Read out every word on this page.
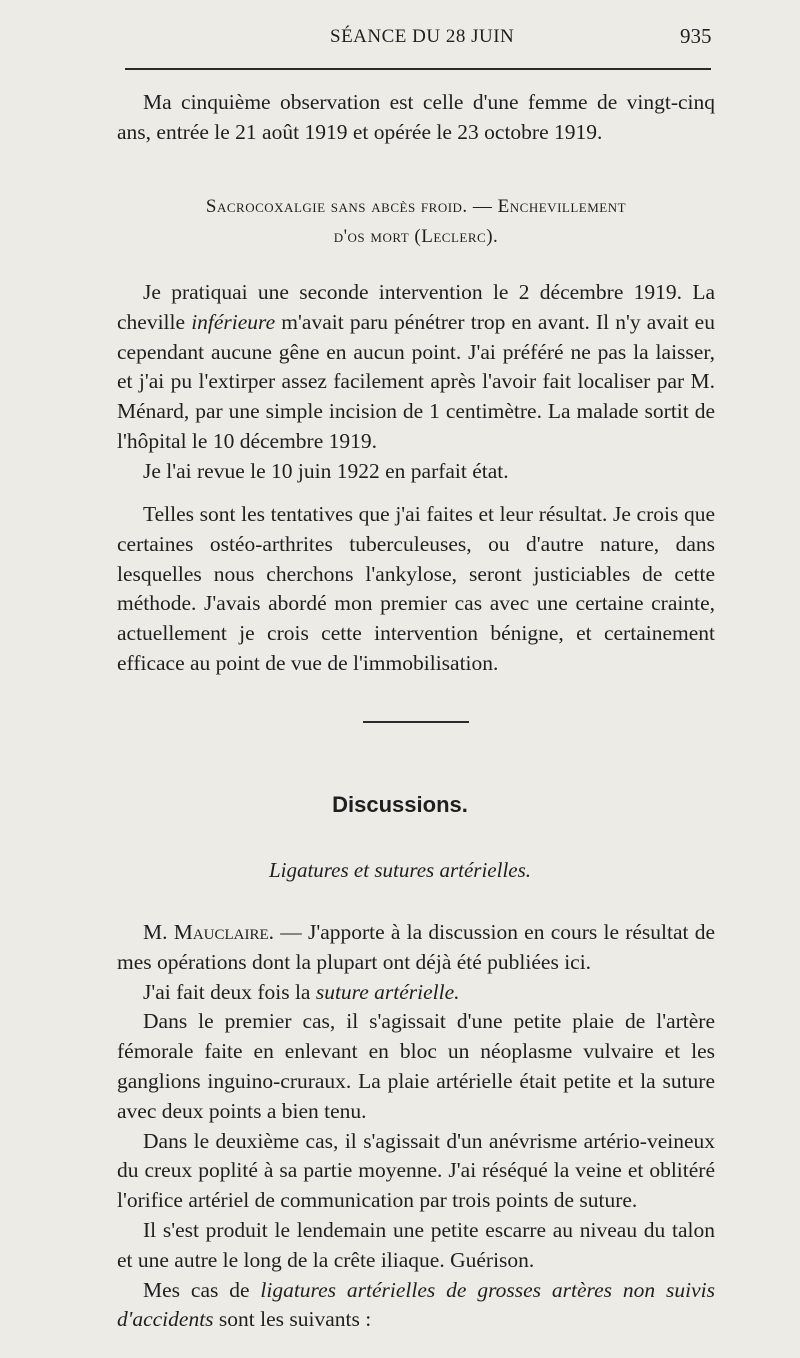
SÉANCE DU 28 JUIN	935

Ma cinquième observation est celle d'une femme de vingt-cinq ans, entrée le 21 août 1919 et opérée le 23 octobre 1919.

Sacrocoxalgie sans abcès froid. — Enchevillement
d'os mort (Leclerc).

Je pratiquai une seconde intervention le 2 décembre 1919. La cheville inférieure m'avait paru pénétrer trop en avant. Il n'y avait eu cependant aucune gêne en aucun point. J'ai préféré ne pas la laisser, et j'ai pu l'extirper assez facilement après l'avoir fait localiser par M. Ménard, par une simple incision de 1 centimètre. La malade sortit de l'hôpital le 10 décembre 1919.

Je l'ai revue le 10 juin 1922 en parfait état.

Telles sont les tentatives que j'ai faites et leur résultat. Je crois que certaines ostéo-arthrites tuberculeuses, ou d'autre nature, dans lesquelles nous cherchons l'ankylose, seront justiciables de cette méthode. J'avais abordé mon premier cas avec une certaine crainte, actuellement je crois cette intervention bénigne, et certainement efficace au point de vue de l'immobilisation.

Discussions.
Ligatures et sutures artérielles.

M. Mauclaire. — J'apporte à la discussion en cours le résultat de mes opérations dont la plupart ont déjà été publiées ici.

J'ai fait deux fois la suture artérielle.

Dans le premier cas, il s'agissait d'une petite plaie de l'artère fémorale faite en enlevant en bloc un néoplasme vulvaire et les ganglions inguino-cruraux. La plaie artérielle était petite et la suture avec deux points a bien tenu.

Dans le deuxième cas, il s'agissait d'un anévrisme artério-veineux du creux poplité à sa partie moyenne. J'ai réséqué la veine et oblitéré l'orifice artériel de communication par trois points de suture.

Il s'est produit le lendemain une petite escarre au niveau du talon et une autre le long de la crête iliaque. Guérison.

Mes cas de ligatures artérielles de grosses artères non suivis d'accidents sont les suivants :
